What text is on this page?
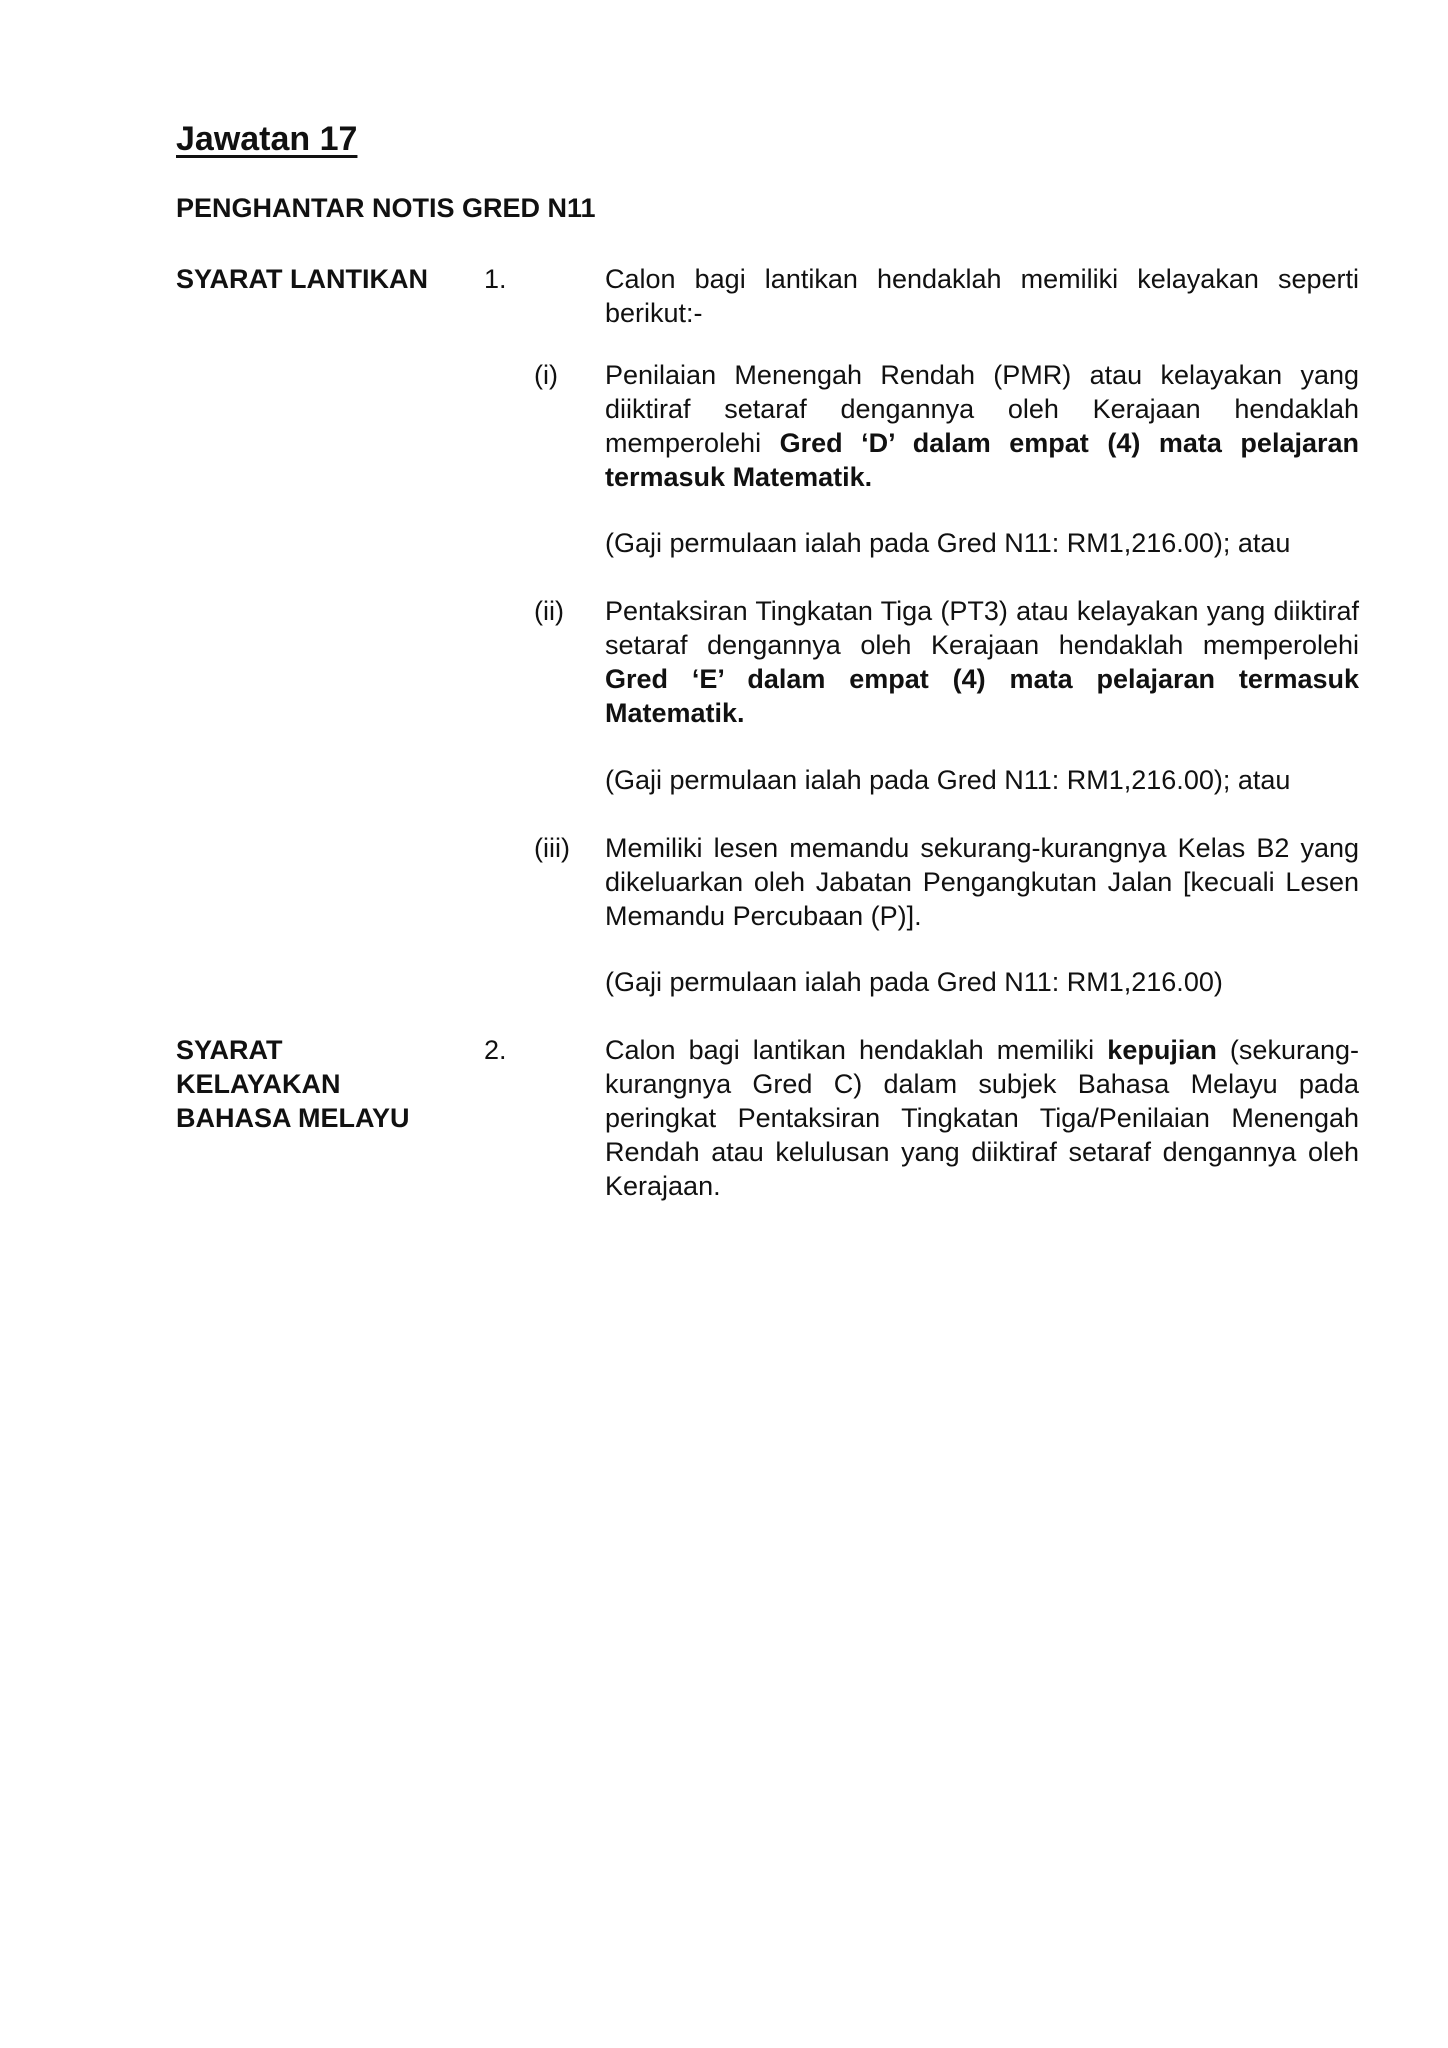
Jawatan 17
PENGHANTAR NOTIS GRED N11
SYARAT LANTIKAN 1.	Calon bagi lantikan hendaklah memiliki kelayakan seperti berikut:-
(i) Penilaian Menengah Rendah (PMR) atau kelayakan yang diiktiraf setaraf dengannya oleh Kerajaan hendaklah memperolehi Gred ‘D’ dalam empat (4) mata pelajaran termasuk Matematik.
(Gaji permulaan ialah pada Gred N11: RM1,216.00); atau
(ii) Pentaksiran Tingkatan Tiga (PT3) atau kelayakan yang diiktiraf setaraf dengannya oleh Kerajaan hendaklah memperolehi Gred ‘E’ dalam empat (4) mata pelajaran termasuk Matematik.
(Gaji permulaan ialah pada Gred N11: RM1,216.00); atau
(iii) Memiliki lesen memandu sekurang-kurangnya Kelas B2 yang dikeluarkan oleh Jabatan Pengangkutan Jalan [kecuali Lesen Memandu Percubaan (P)].
(Gaji permulaan ialah pada Gred N11: RM1,216.00)
SYARAT
KELAYAKAN
BAHASA MELAYU
2.	Calon bagi lantikan hendaklah memiliki kepujian (sekurang-kurangnya Gred C) dalam subjek Bahasa Melayu pada peringkat Pentaksiran Tingkatan Tiga/Penilaian Menengah Rendah atau kelulusan yang diiktiraf setaraf dengannya oleh Kerajaan.
